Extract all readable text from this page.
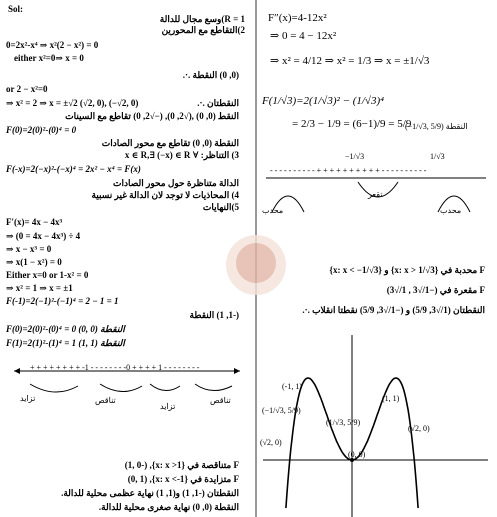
Sol:
R = 1)وسع مجال للدالة
2)التقاطع مع المحورين
0=2x²-x⁴ ⇒ x²(2 − x²) = 0
either x²=0⇒ x = 0
(0, 0) النقطة .·.
or 2 − x²=0
⇒ x² = 2 ⇒ x = ±√2 (√2, 0), (−√2, 0)	النقطتان .·.
النقط (0, 0) ,(√2, 0), (−√2, 0) تقاطع مع السينات
F(0)=2(0)²-(0)⁴ = 0
النقطة (0, 0) تقاطع مع محور الصادات
3) التناظر: ∀ x ∈ R,∃ (−x) ∈ R
F(-x)=2(−x)²-(−x)⁴ = 2x² − x⁴ = F(x)
الدالة متناظرة حول محور الصادات
4) المحاذيات لا توجد لان الدالة غير نسبية
5)النهايات
F′(x)= 4x − 4x³
⇒ (0 = 4x − 4x³) ÷ 4
⇒ x − x³ = 0
⇒ x(1 − x²) = 0
Either x=0 or 1-x² = 0
⇒ x² = 1 ⇒ x = ±1
F(-1)=2(−1)²-(−1)⁴ = 2 − 1 = 1
(-1, 1) النقطة
F(0)=2(0)²-(0)⁴ = 0 (0, 0) النقطة
F(1)=2(1)²-(1)⁴ = 1 (1, 1) النقطة
+ + + + + + + + -1 - - - - - - - -0 + + + + 1 - - - - - - - -
تزايد	تناقص
تزايد
تناقص
F متناقصة في {x: x >1}, (-1, 0)
F متزايدة في {x: x <-1}, (0, 1)
النقطتان (-1, 1) و(1, 1) نهاية عظمى محلية للدالة.
النقطة (0, 0) نهاية صغرى محلية للدالة.
F″(x)=4-12x²
⇒ 0 = 4 − 12x²
⇒ x² = 4/12 ⇒ x² = 1/3 ⇒ x = ±1/√3
F(1/√3)=2(1/√3)² − (1/√3)⁴
= 2/3 − 1/9 = (6−1)/9 = 5/9
(−1/√3, 5/9) النقطة
- - - - - - - - - - + + + + + + + + + + - - - - - - - - - -
−1/√3	1/√3
تقعر
محدب	محدب
F محدبة في {x: x > 1/√3} و {x: x < −1/√3}
F مقعرة في (−1/√3 , 1/√3)
النقطتان (1/√3, 5/9) و (−1/√3, 5/9) نقطتا انقلاب .·.
(-1, 1)
(1, 1)
(−1/√3, 5/9)
(1/√3, 5/9)
(√2, 0)
(√2, 0)
(0, 0)
